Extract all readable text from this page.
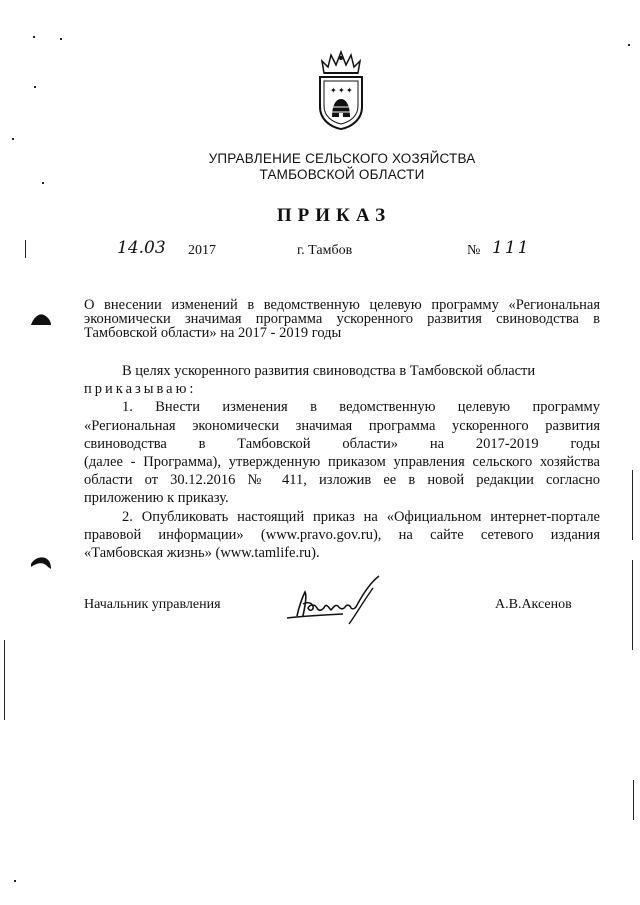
✦ ✦ ✦
УПРАВЛЕНИЕ СЕЛЬСКОГО ХОЗЯЙСТВА
ТАМБОВСКОЙ ОБЛАСТИ
ПРИКАЗ
14.03 2017	г. Тамбов	№ 111
О внесении изменений в ведомственную целевую программу «Региональная
экономически значимая программа ускоренного развития свиноводства в
Тамбовской области» на 2017 - 2019 годы

В целях ускоренного развития свиноводства в Тамбовской области

приказываю:

1. Внести изменения в ведомственную целевую программу

«Региональная экономически значимая программа ускоренного развития

свиноводства в Тамбовской области» на 2017-2019 годы

(далее - Программа), утвержденную приказом управления сельского хозяйства

области от 30.12.2016 № 411, изложив ее в новой редакции согласно

приложению к приказу.

2. Опубликовать настоящий приказ на «Официальном интернет-портале

правовой информации» (www.pravo.gov.ru), на сайте сетевого издания

«Тамбовская жизнь» (www.tamlife.ru).

Начальник управления	А.В.Аксенов
